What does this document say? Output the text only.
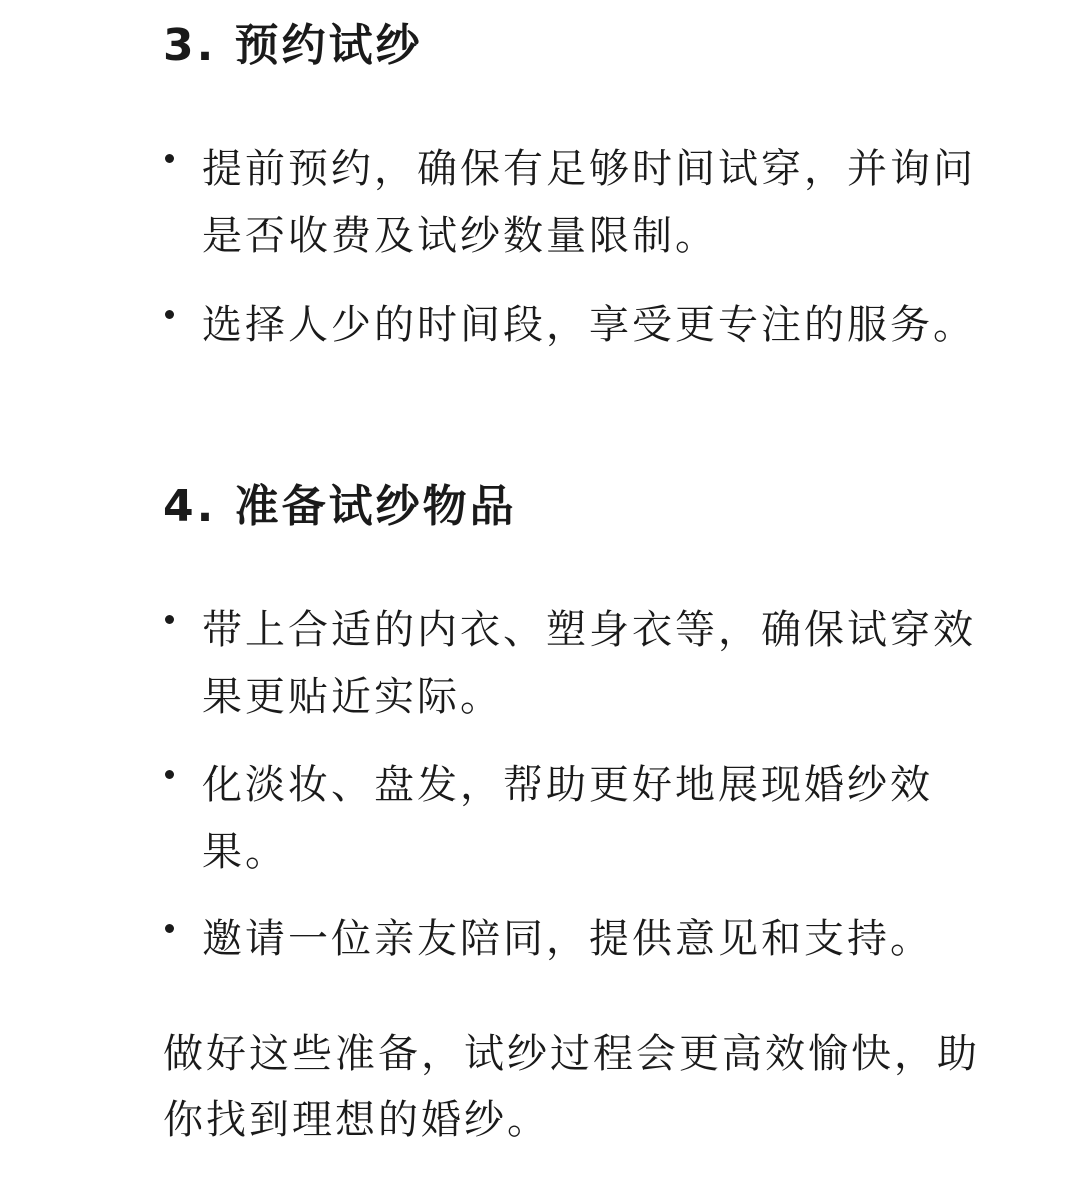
3. 预约试纱

提前预约，确保有足够时间试穿，并询问是否收费及试纱数量限制。

选择人少的时间段，享受更专注的服务。

4. 准备试纱物品

带上合适的内衣、塑身衣等，确保试穿效果更贴近实际。

化淡妆、盘发，帮助更好地展现婚纱效果。

邀请一位亲友陪同，提供意见和支持。

做好这些准备，试纱过程会更高效愉快，助你找到理想的婚纱。
